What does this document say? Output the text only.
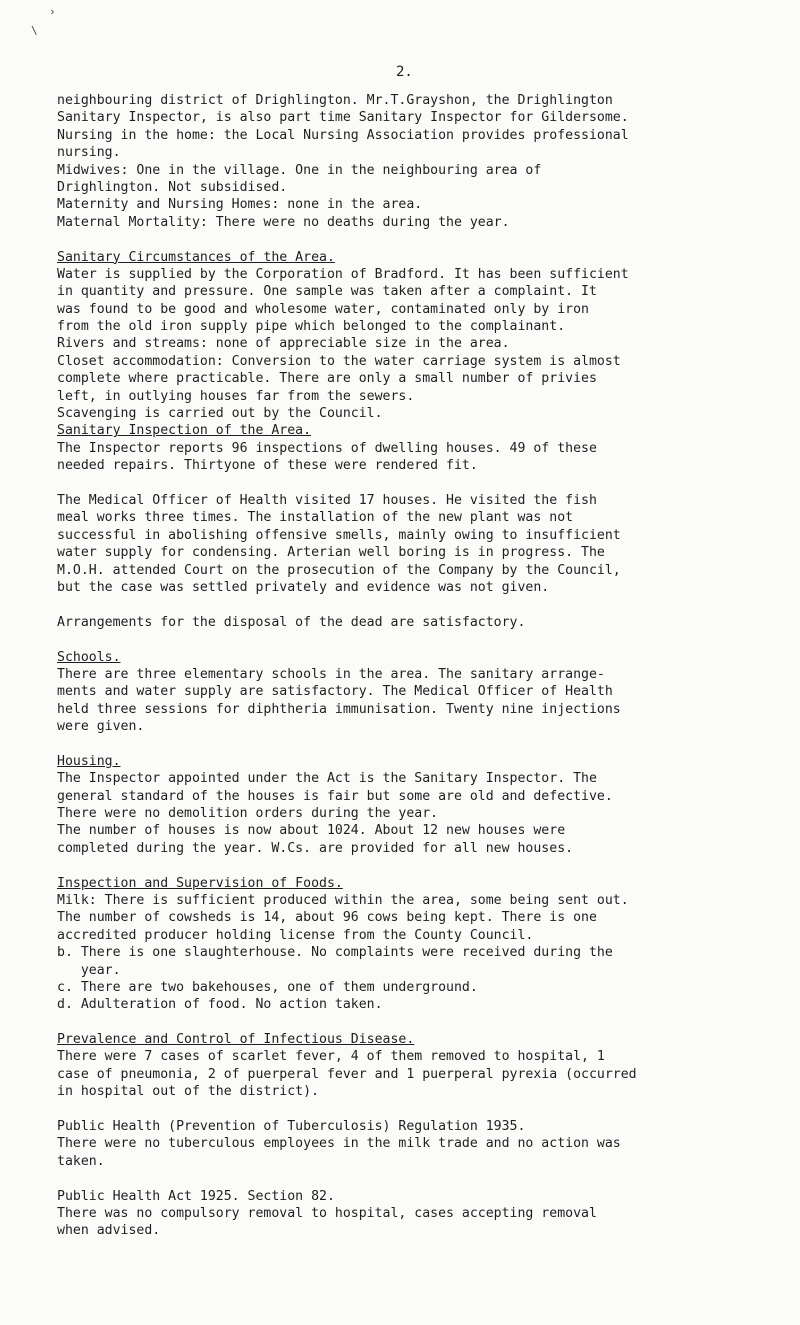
›
\
2.
neighbouring district of Drighlington. Mr.T.Grayshon, the Drighlington
Sanitary Inspector, is also part time Sanitary Inspector for Gildersome.
Nursing in the home: the Local Nursing Association provides professional
nursing.
Midwives: One in the village. One in the neighbouring area of
Drighlington. Not subsidised.
Maternity and Nursing Homes: none in the area.
Maternal Mortality: There were no deaths during the year.
Sanitary Circumstances of the Area.
Water is supplied by the Corporation of Bradford. It has been sufficient
in quantity and pressure. One sample was taken after a complaint. It
was found to be good and wholesome water, contaminated only by iron
from the old iron supply pipe which belonged to the complainant.
Rivers and streams: none of appreciable size in the area.
Closet accommodation: Conversion to the water carriage system is almost
complete where practicable. There are only a small number of privies
left, in outlying houses far from the sewers.
Scavenging is carried out by the Council.
Sanitary Inspection of the Area.
The Inspector reports 96 inspections of dwelling houses. 49 of these
needed repairs. Thirtyone of these were rendered fit.
The Medical Officer of Health visited 17 houses. He visited the fish
meal works three times. The installation of the new plant was not
successful in abolishing offensive smells, mainly owing to insufficient
water supply for condensing. Arterian well boring is in progress. The
M.O.H. attended Court on the prosecution of the Company by the Council,
but the case was settled privately and evidence was not given.
Arrangements for the disposal of the dead are satisfactory.
Schools.
There are three elementary schools in the area. The sanitary arrange-
ments and water supply are satisfactory. The Medical Officer of Health
held three sessions for diphtheria immunisation. Twenty nine injections
were given.
Housing.
The Inspector appointed under the Act is the Sanitary Inspector. The
general standard of the houses is fair but some are old and defective.
There were no demolition orders during the year.
The number of houses is now about 1024. About 12 new houses were
completed during the year. W.Cs. are provided for all new houses.
Inspection and Supervision of Foods.
Milk: There is sufficient produced within the area, some being sent out.
The number of cowsheds is 14, about 96 cows being kept. There is one
accredited producer holding license from the County Council.
b. There is one slaughterhouse. No complaints were received during the
year.
c. There are two bakehouses, one of them underground.
d. Adulteration of food. No action taken.
Prevalence and Control of Infectious Disease.
There were 7 cases of scarlet fever, 4 of them removed to hospital, 1
case of pneumonia, 2 of puerperal fever and 1 puerperal pyrexia (occurred
in hospital out of the district).
Public Health (Prevention of Tuberculosis) Regulation 1935.
There were no tuberculous employees in the milk trade and no action was
taken.
Public Health Act 1925. Section 82.
There was no compulsory removal to hospital, cases accepting removal
when advised.
